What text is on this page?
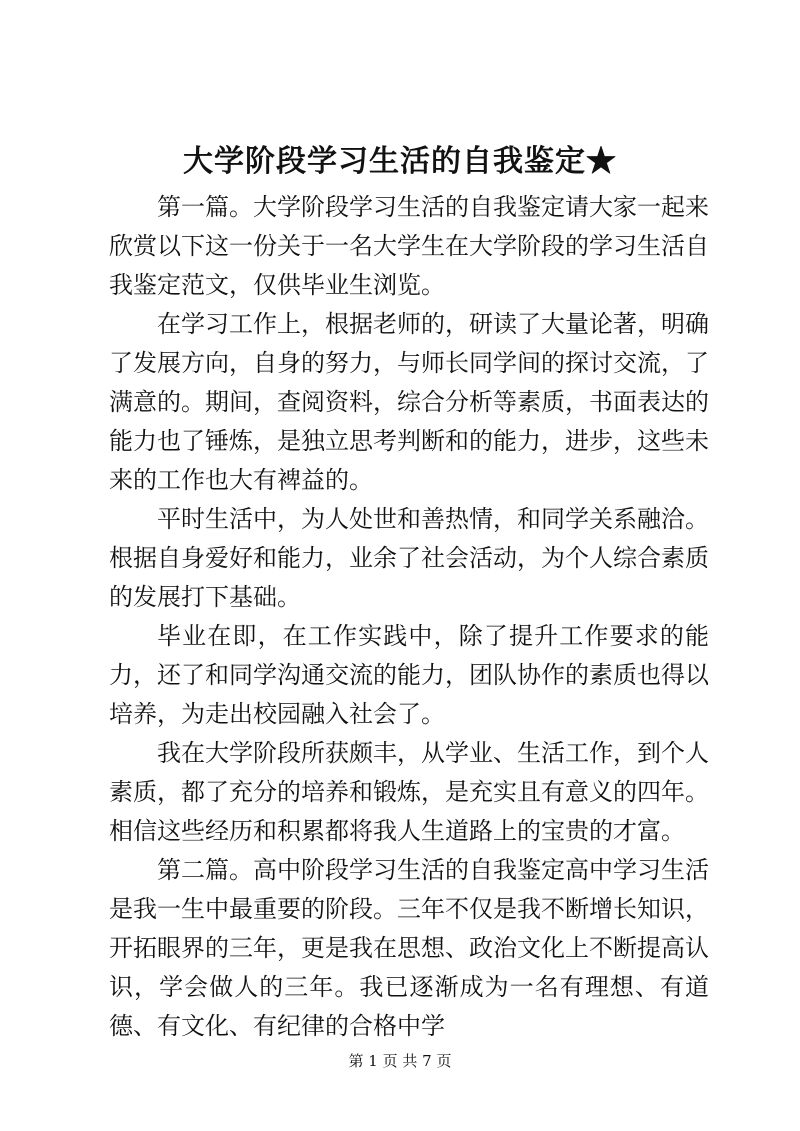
大学阶段学习生活的自我鉴定★

第一篇。大学阶段学习生活的自我鉴定请大家一起来欣赏以下这一份关于一名大学生在大学阶段的学习生活自我鉴定范文，仅供毕业生浏览。

在学习工作上，根据老师的，研读了大量论著，明确了发展方向，自身的努力，与师长同学间的探讨交流，了满意的。期间，查阅资料，综合分析等素质，书面表达的能力也了锤炼，是独立思考判断和的能力，进步，这些未来的工作也大有裨益的。

平时生活中，为人处世和善热情，和同学关系融洽。根据自身爱好和能力，业余了社会活动，为个人综合素质的发展打下基础。

毕业在即，在工作实践中，除了提升工作要求的能力，还了和同学沟通交流的能力，团队协作的素质也得以培养，为走出校园融入社会了。

我在大学阶段所获颇丰，从学业、生活工作，到个人素质，都了充分的培养和锻炼，是充实且有意义的四年。相信这些经历和积累都将我人生道路上的宝贵的才富。

第二篇。高中阶段学习生活的自我鉴定高中学习生活是我一生中最重要的阶段。三年不仅是我不断增长知识，开拓眼界的三年，更是我在思想、政治文化上不断提高认识，学会做人的三年。我已逐渐成为一名有理想、有道德、有文化、有纪律的合格中学

第 1 页 共 7 页
